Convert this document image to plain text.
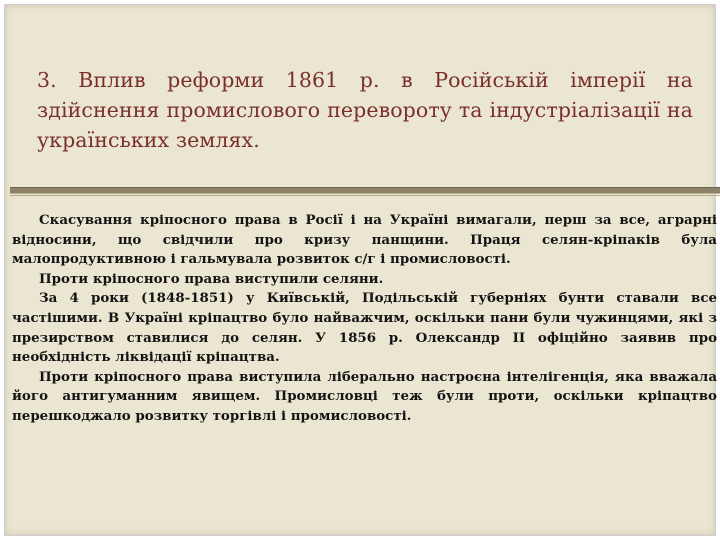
3. Вплив реформи 1861 р. в Російській імперії на здійснення промислового перевороту та індустріалізації на українських землях.

Скасування кріпосного права в Росії і на Україні вимагали, перш за все, аграрні відносини, що свідчили про кризу панщини. Праця селян-кріпаків була малопродуктивною і гальмувала розвиток с/г і промисловості.

Проти кріпосного права виступили селяни.

За 4 роки (1848-1851) у Київській, Подільській губерніях бунти ставали все частішими. В Україні кріпацтво було найважчим, оскільки пани були чужинцями, які з презирством ставилися до селян. У 1856 р. Олександр ІІ офіційно заявив про необхідність ліквідації кріпацтва.

Проти кріпосного права виступила ліберально настроєна інтелігенція, яка вважала його антигуманним явищем. Промисловці теж були проти, оскільки кріпацтво перешкоджало розвитку торгівлі і промисловості.
